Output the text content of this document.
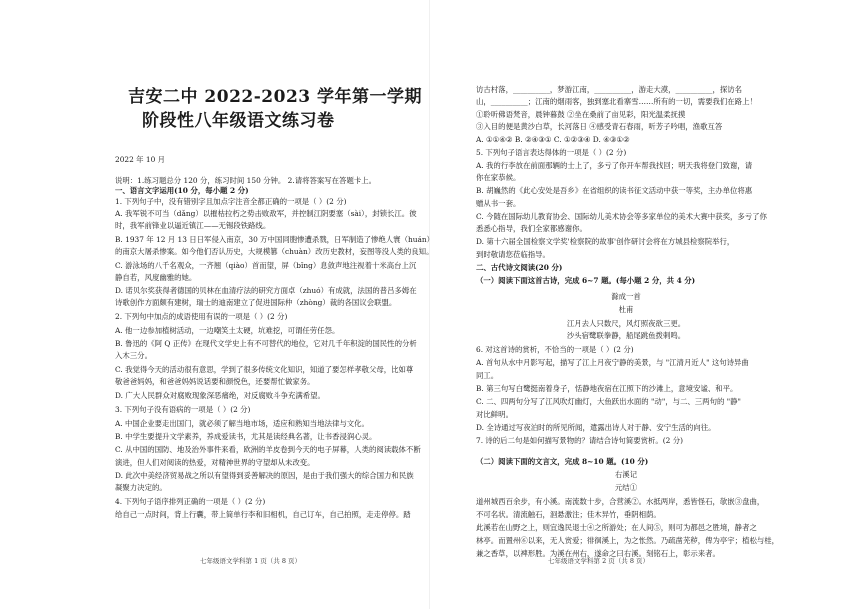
吉安二中 2022-2023 学年第一学期
阶段性八年级语文练习卷
2022 年 10 月
说明：1.练习题总分 120 分，练习时间 150 分钟。 2.请将答案写在答题卡上。
一、语言文字运用(10 分，每小题 2 分)
1. 下列句子中，没有错别字且加点字注音全都正确的一项是（ ）(2 分)
A. 我军锐不可当（dǎng）以摧枯拉朽之势击败敌军，并控制江阴要塞（sài），封锁长江。彼
时，我军前锋业以逼近镇江——无锡段铁路线。
B. 1937 年 12 月 13 日日军侵入南京，30 万中国同胞惨遭杀戮，日军制造了惨绝人寰（huán）
的南京大屠杀惨案。如今他们否认历史，大规模篡（chuàn）改历史教材，妄图等没人类的良知。
C. 游泳场的八千名观众，一齐翘（qiào）首而望，屏（bǐng）息敛声地注视着十米高台上沉
静自若，风度幽雅的她。
D. 诺贝尔奖获得者德国的贝林在血清疗法的研究方面卓（zhuó）有成就，法国的普吕多姆在
诗歌创作方面颇有建树，瑞士的迪南建立了促进国际仲（zhòng）裁的各国议会联盟。
2. 下列句中加点的成语使用有误的一项是（ ）(2 分)
A. 他一边参加植树活动，一边嘲笑土太硬，坑难挖，可谓任劳任怨。
B. 鲁迅的《阿 Q 正传》在现代文学史上有不可替代的地位，它对几千年积淀的国民性的分析
入木三分。
C. 我觉得今天的活动很有意思，学到了很多传统文化知识，知道了要怎样孝敬父母，比如尊
敬爸爸妈妈，和爸爸妈妈说话要和颜悦色，还要帮忙做家务。
D. 广大人民群众对腐败现象深恶痛绝，对反腐败斗争充满希望。
3. 下列句子没有语病的一项是（ ）(2 分)
A. 中国企业要走出国门，就必须了解当地市场，适应和熟知当地法律与文化。
B. 中学生要提升文学素养，养成爱读书，尤其是读经典名著，让书香浸润心灵。
C. 从中国的国防、地及治外事件来看，欧洲的羊皮卷到今天的电子屏幕，人类的阅读载体不断
演进，但人们对阅读的热爱，对精神世界的守望却从未改变。
D. 此次中美经济贸易战之所以有望得到妥善解决的原因，是由于我们强大的综合国力和民族
凝聚力决定的。
4. 下列句子语序排列正确的一项是（ ）(2 分)
给自己一点时间，背上行囊，带上简单行李和旧相机，自己订车，自己拍照，走走停停。踏
七年级语文学科第 1 页（共 8 页）
访古村落，__________，梦游江南，__________，游走大漠，__________，探访名
山，__________；江南的烟雨客，独到塞北看寨雪……所有的一切，需要我们在路上！
①聆听佛语梵音，晨钟暮鼓 ②坐在桑前了亩见彩，阳光温柔抚摸
③入目的便是黄沙白草，长河落日 ④感受青石春雨，听芳子吟唱，渔歌互答
A. ①①④② B. ②④③① C. ①②③④ D. ④③①②
5. 下列句子语言表达得体的一项是（ ）(2 分)
A. 我的行李放在前面那辆的士上了，多亏了你开车帮我找回；明天我将登门致谢，请
你在家恭候。
B. 胡巍然的《此心安处是吾乡》在省组织的读书征文活动中获一等奖，主办单位将惠
赠从书一套。
C. 今随在国际幼儿教育协会、国际幼儿美术协会等多家单位的美术大赛中获奖，多亏了你
悉悉心指导，我们全家都感谢你。
D. 第十六届全国检察文学奖'检察院的故事'创作研讨会将在方城县检察院举行，
到时敬请您莅临指导。
二、古代诗文阅读(20 分)
（一）阅读下面这首古诗，完成 6~7 题。(每小题 2 分，共 4 分)
滁成一首
杜甫
江月去人只数尺，风灯照夜欲三更。
沙头宿鹭联拳静，船尾跳鱼拨剌鸣。
6. 对这首诗的赏析，不恰当的一项是（ ）(2 分)
A. 首句从水中月影写起，描写了江上月夜宁静的美景，与 "江清月近人" 这句诗异曲
同工。
B. 第三句写白鹭挺南着身子，恬静地夜宿在江照下的沙滩上，意境安谧、和平。
C. 二、四两句分写了江风吹灯幽灯，大鱼跃出水面的 "动"，与二、三两句的 "静"
对比鲜明。
D. 全诗通过写夜泊时的所见所闻，遣露出诗人对于静、安宁生活的向往。
7. 诗的后二句是如何描写景物的？请结合诗句简要赏析。(2 分)
（二）阅读下面的文言文，完成 8~10 题。(10 分)
右溪记
元结①
道州城西百余步，有小溪。南流数十步，合营溪②。水抵两岸，悉皆怪石，欹嵌③盘曲，
不可名状。清流触石，洄悬激注；佳木异竹，垂阴相荫。
此溪若在山野之上，则宜逸民退士④之所游处；在人间⑤，则可为都邑之胜境，静者之
林亭。而置州⑥以来，无人赏爱；徘徊溪上，为之怅然。乃疏凿芜秽，俾为亭宇；植松与桂，
兼之香草，以裨形胜。为溪在州右，遂命之曰右溪。刻铭石上，彰示来者。
七年级语文学科第 2 页（共 8 页）
